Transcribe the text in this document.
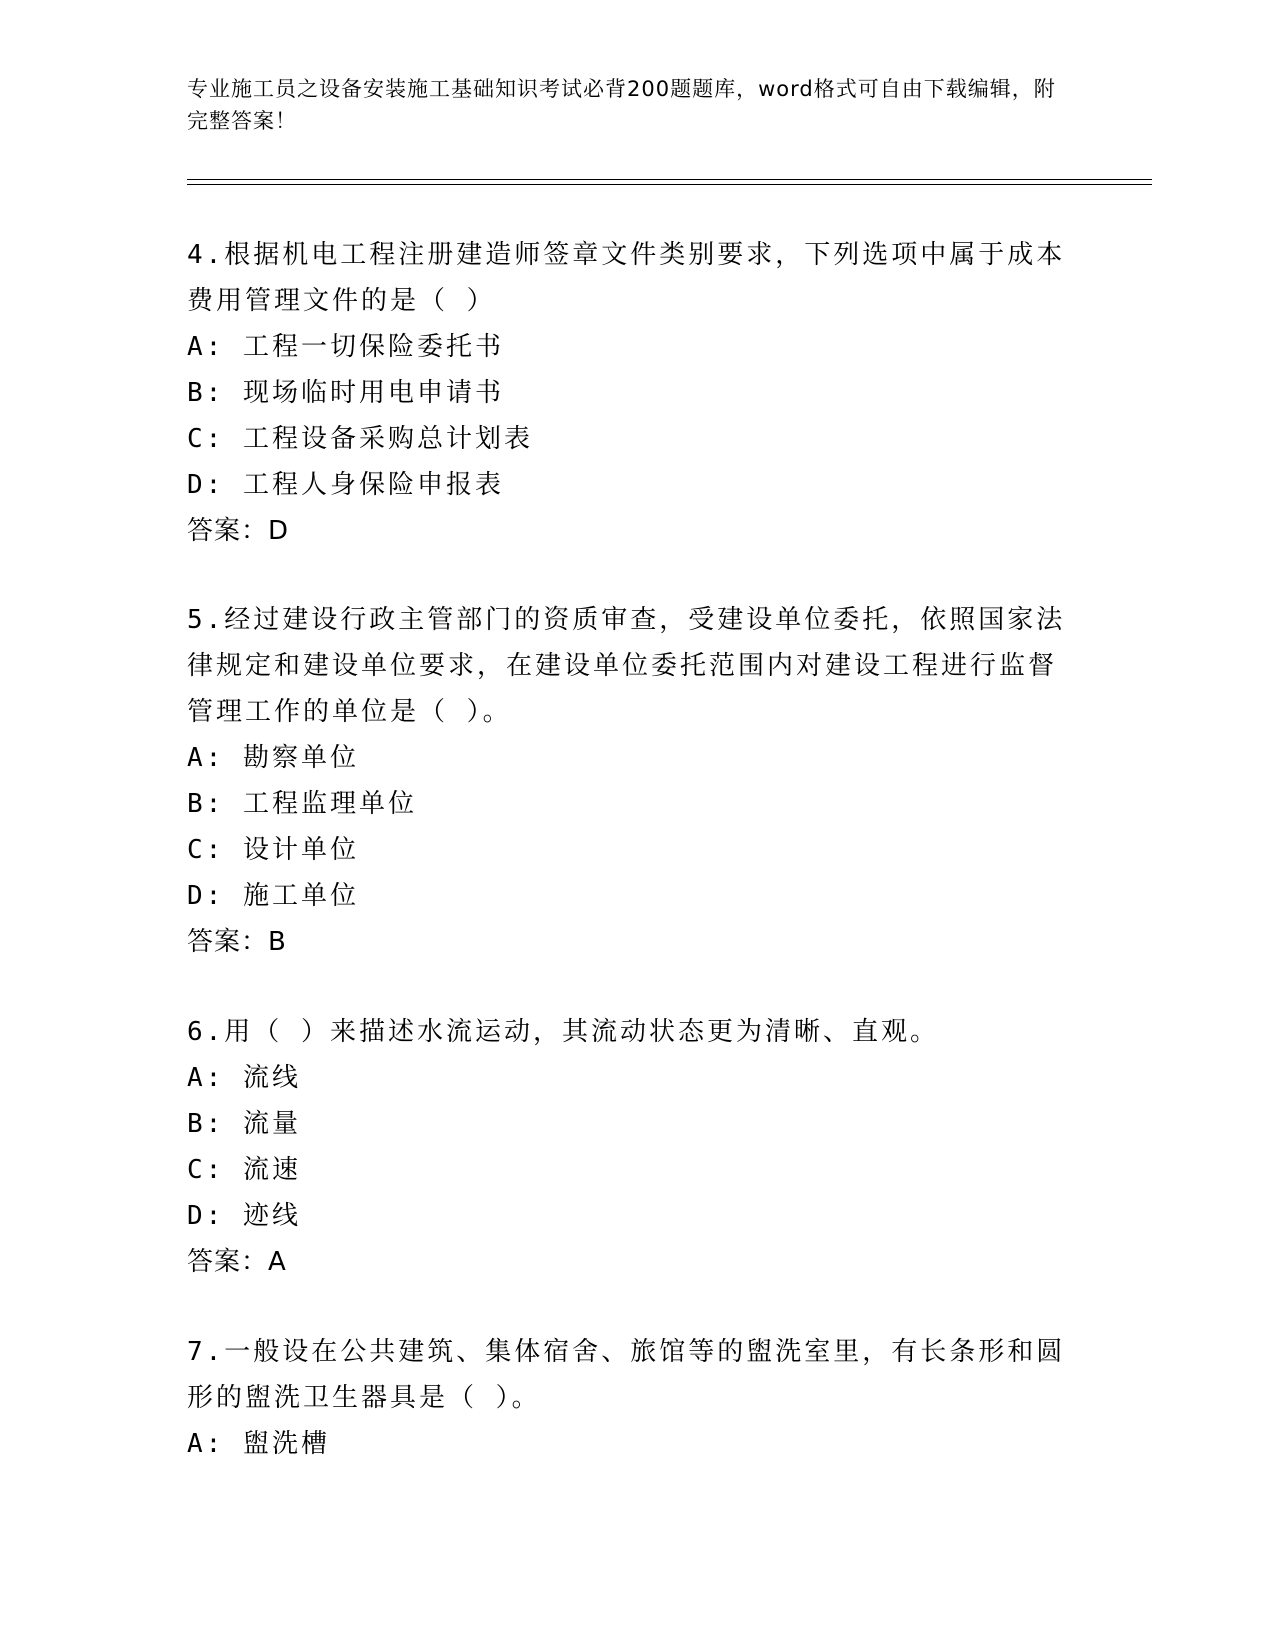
专业施工员之设备安装施工基础知识考试必背200题题库，word格式可自由下载编辑，附完整答案！
4.根据机电工程注册建造师签章文件类别要求，下列选项中属于成本费用管理文件的是（ ）
A: 工程一切保险委托书
B: 现场临时用电申请书
C: 工程设备采购总计划表
D: 工程人身保险申报表
答案：D
5.经过建设行政主管部门的资质审查，受建设单位委托，依照国家法律规定和建设单位要求，在建设单位委托范围内对建设工程进行监督管理工作的单位是（ ）。
A: 勘察单位
B: 工程监理单位
C: 设计单位
D: 施工单位
答案：B
6.用（ ）来描述水流运动，其流动状态更为清晰、直观。
A: 流线
B: 流量
C: 流速
D: 迹线
答案：A
7.一般设在公共建筑、集体宿舍、旅馆等的盥洗室里，有长条形和圆形的盥洗卫生器具是（ ）。
A: 盥洗槽
